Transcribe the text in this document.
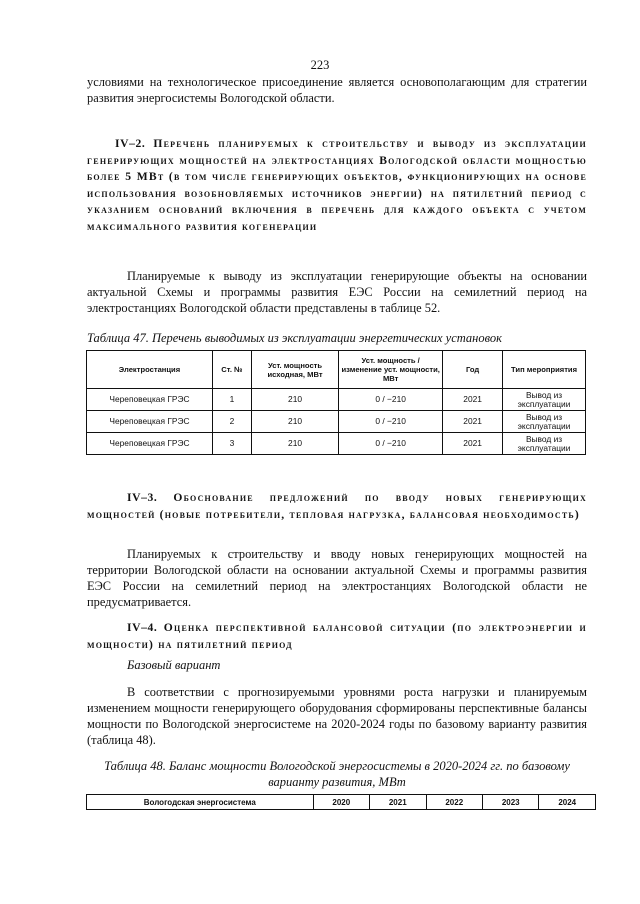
223
условиями на технологическое присоединение является основополагающим для стратегии развития энергосистемы Вологодской области.
IV–2. Перечень планируемых к строительству и выводу из эксплуатации генерирующих мощностей на электростанциях Вологодской области мощностью более 5 МВт (в том числе генерирующих объектов, функционирующих на основе использования возобновляемых источников энергии) на пятилетний период с указанием оснований включения в перечень для каждого объекта с учетом максимального развития когенерации
Планируемые к выводу из эксплуатации генерирующие объекты на основании актуальной Схемы и программы развития ЕЭС России на семилетний период на электростанциях Вологодской области представлены в таблице 52.
Таблица 47. Перечень выводимых из эксплуатации энергетических установок
Электростанция	Ст. №	Уст. мощность исходная, МВт	Уст. мощность / изменение уст. мощности, МВт	Год	Тип мероприятия
Череповецкая ГРЭС	1	210	0 / −210	2021	Вывод из эксплуатации
Череповецкая ГРЭС	2	210	0 / −210	2021	Вывод из эксплуатации
Череповецкая ГРЭС	3	210	0 / −210	2021	Вывод из эксплуатации
IV–3. Обоснование предложений по вводу новых генерирующих мощностей (новые потребители, тепловая нагрузка, балансовая необходимость)
Планируемых к строительству и вводу новых генерирующих мощностей на территории Вологодской области на основании актуальной Схемы и программы развития ЕЭС России на семилетний период на электростанциях Вологодской области не предусматривается.
IV–4. Оценка перспективной балансовой ситуации (по электроэнергии и мощности) на пятилетний период
Базовый вариант
В соответствии с прогнозируемыми уровнями роста нагрузки и планируемым изменением мощности генерирующего оборудования сформированы перспективные балансы мощности по Вологодской энергосистеме на 2020-2024 годы по базовому варианту развития (таблица 48).
Таблица 48. Баланс мощности Вологодской энергосистемы в 2020-2024 гг. по базовому варианту развития, МВт
Вологодская энергосистема	2020	2021	2022	2023	2024
